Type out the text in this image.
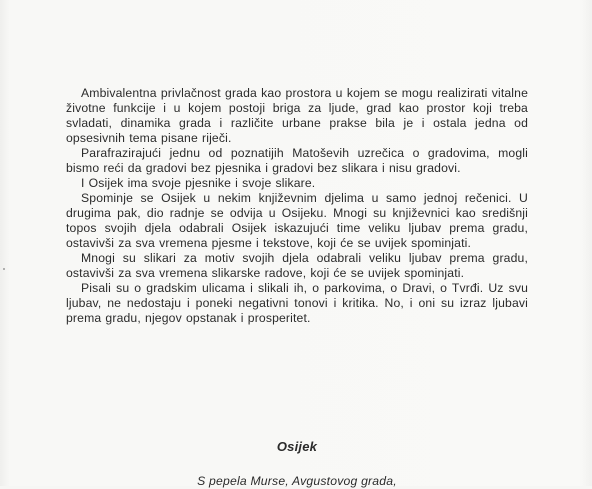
Ambivalentna privlačnost grada kao prostora u kojem se mogu realizirati vitalne životne funkcije i u kojem postoji briga za ljude, grad kao prostor koji treba svladati, dinamika grada i različite urbane prakse bila je i ostala jedna od opsesivnih tema pisane riječi.

Parafrazirajući jednu od poznatijih Matoševih uzrečica o gradovima, mogli bismo reći da gradovi bez pjesnika i gradovi bez slikara i nisu gradovi.

I Osijek ima svoje pjesnike i svoje slikare.

Spominje se Osijek u nekim književnim djelima u samo jednoj rečenici. U drugima pak, dio radnje se odvija u Osijeku. Mnogi su književnici kao središnji topos svojih djela odabrali Osijek iskazujući time veliku ljubav prema gradu, ostavivši za sva vremena pjesme i tekstove, koji će se uvijek spominjati.

Mnogi su slikari za motiv svojih djela odabrali veliku ljubav prema gradu, ostavivši za sva vremena slikarske radove, koji će se uvijek spominjati.

Pisali su o gradskim ulicama i slikali ih, o parkovima, o Dravi, o Tvrđi. Uz svu ljubav, ne nedostaju i poneki negativni tonovi i kritika. No, i oni su izraz ljubavi prema gradu, njegov opstanak i prosperitet.

Osijek
S pepela Murse, Avgustovog grada,
